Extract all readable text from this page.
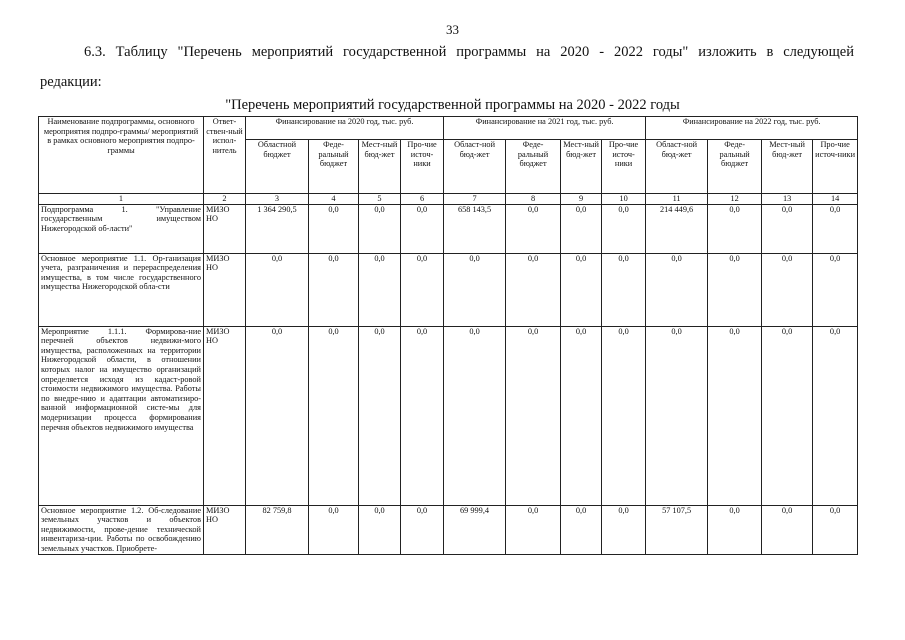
33
6.3. Таблицу "Перечень мероприятий государственной программы на 2020 - 2022 годы" изложить в следующей
редакции:
"Перечень мероприятий государственной программы на 2020 - 2022 годы
Наименование подпрограммы, основного мероприятия подпро-граммы/ мероприятий в рамках основного мероприятия подпро-граммы	Ответ-ствен-ный испол-нитель	Финансирование на 2020 год, тыс. руб.				Финансирование на 2021 год, тыс. руб.				Финансирование на 2022 год, тыс. руб.			
		Областной бюджет	Феде-ральный бюджет	Мест-ный бюд-жет	Про-чие источ-ники	Област-ной бюд-жет	Феде-ральный бюджет	Мест-ный бюд-жет	Про-чие источ-ники	Област-ной бюд-жет	Феде-ральный бюджет	Мест-ный бюд-жет	Про-чие источ-ники
1	2	3	4	5	6	7	8	9	10	11	12	13	14
Подпрограмма 1. "Управление государственным имуществом Нижегородской об-ласти"	МИЗО НО	1 364 290,5	0,0	0,0	0,0	658 143,5	0,0	0,0	0,0	214 449,6	0,0	0,0	0,0
Основное мероприятие 1.1. Ор-ганизация учета, разграничения и перераспределения имущества, в том числе государственного имущества Нижегородской обла-сти	МИЗО НО	0,0	0,0	0,0	0,0	0,0	0,0	0,0	0,0	0,0	0,0	0,0	0,0
Мероприятие 1.1.1. Формирова-ние перечней объектов недвижи-мого имущества, расположенных на территории Нижегородской области, в отношении которых налог на имущество организаций определяется исходя из кадаст-ровой стоимости недвижимого имущества. Работы по внедре-нию и адаптации автоматизиро-ванной информационной систе-мы для модернизации процесса формирования перечня объектов недвижимого имущества	МИЗО НО	0,0	0,0	0,0	0,0	0,0	0,0	0,0	0,0	0,0	0,0	0,0	0,0
Основное мероприятие 1.2. Об-следование земельных участков и объектов недвижимости, прове-дение технической инвентариза-ции. Работы по освобождению земельных участков. Приобрете-	МИЗО НО	82 759,8	0,0	0,0	0,0	69 999,4	0,0	0,0	0,0	57 107,5	0,0	0,0	0,0
